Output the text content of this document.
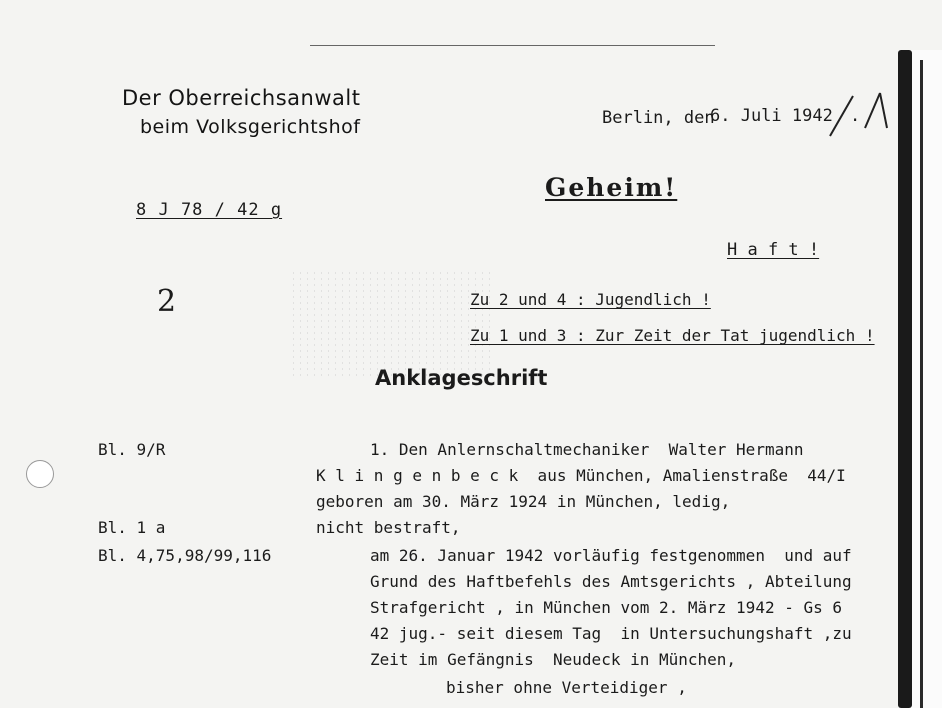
Der Oberreichsanwalt
beim Volksgerichtshof	Berlin, den
6. Juli 1942 .
8 J 78 / 42 g
Geheim!
H a f t !
2	Zu 2 und 4 : Jugendlich !
Zu 1 und 3 : Zur Zeit der Tat jugendlich !
Anklageschrift
Bl. 9/R
Bl. 1 a
Bl. 4,75,98/99,116
1. Den Anlernschaltmechaniker  Walter Hermann
K l i n g e n b e c k  aus München, Amalienstraße  44/I
geboren am 30. März 1924 in München, ledig,
nicht bestraft,
am 26. Januar 1942 vorläufig festgenommen  und auf
Grund des Haftbefehls des Amtsgerichts , Abteilung
Strafgericht , in München vom 2. März 1942 - Gs 6
42 jug.- seit diesem Tag  in Untersuchungshaft ,zu
Zeit im Gefängnis  Neudeck in München,
bisher ohne Verteidiger ,
